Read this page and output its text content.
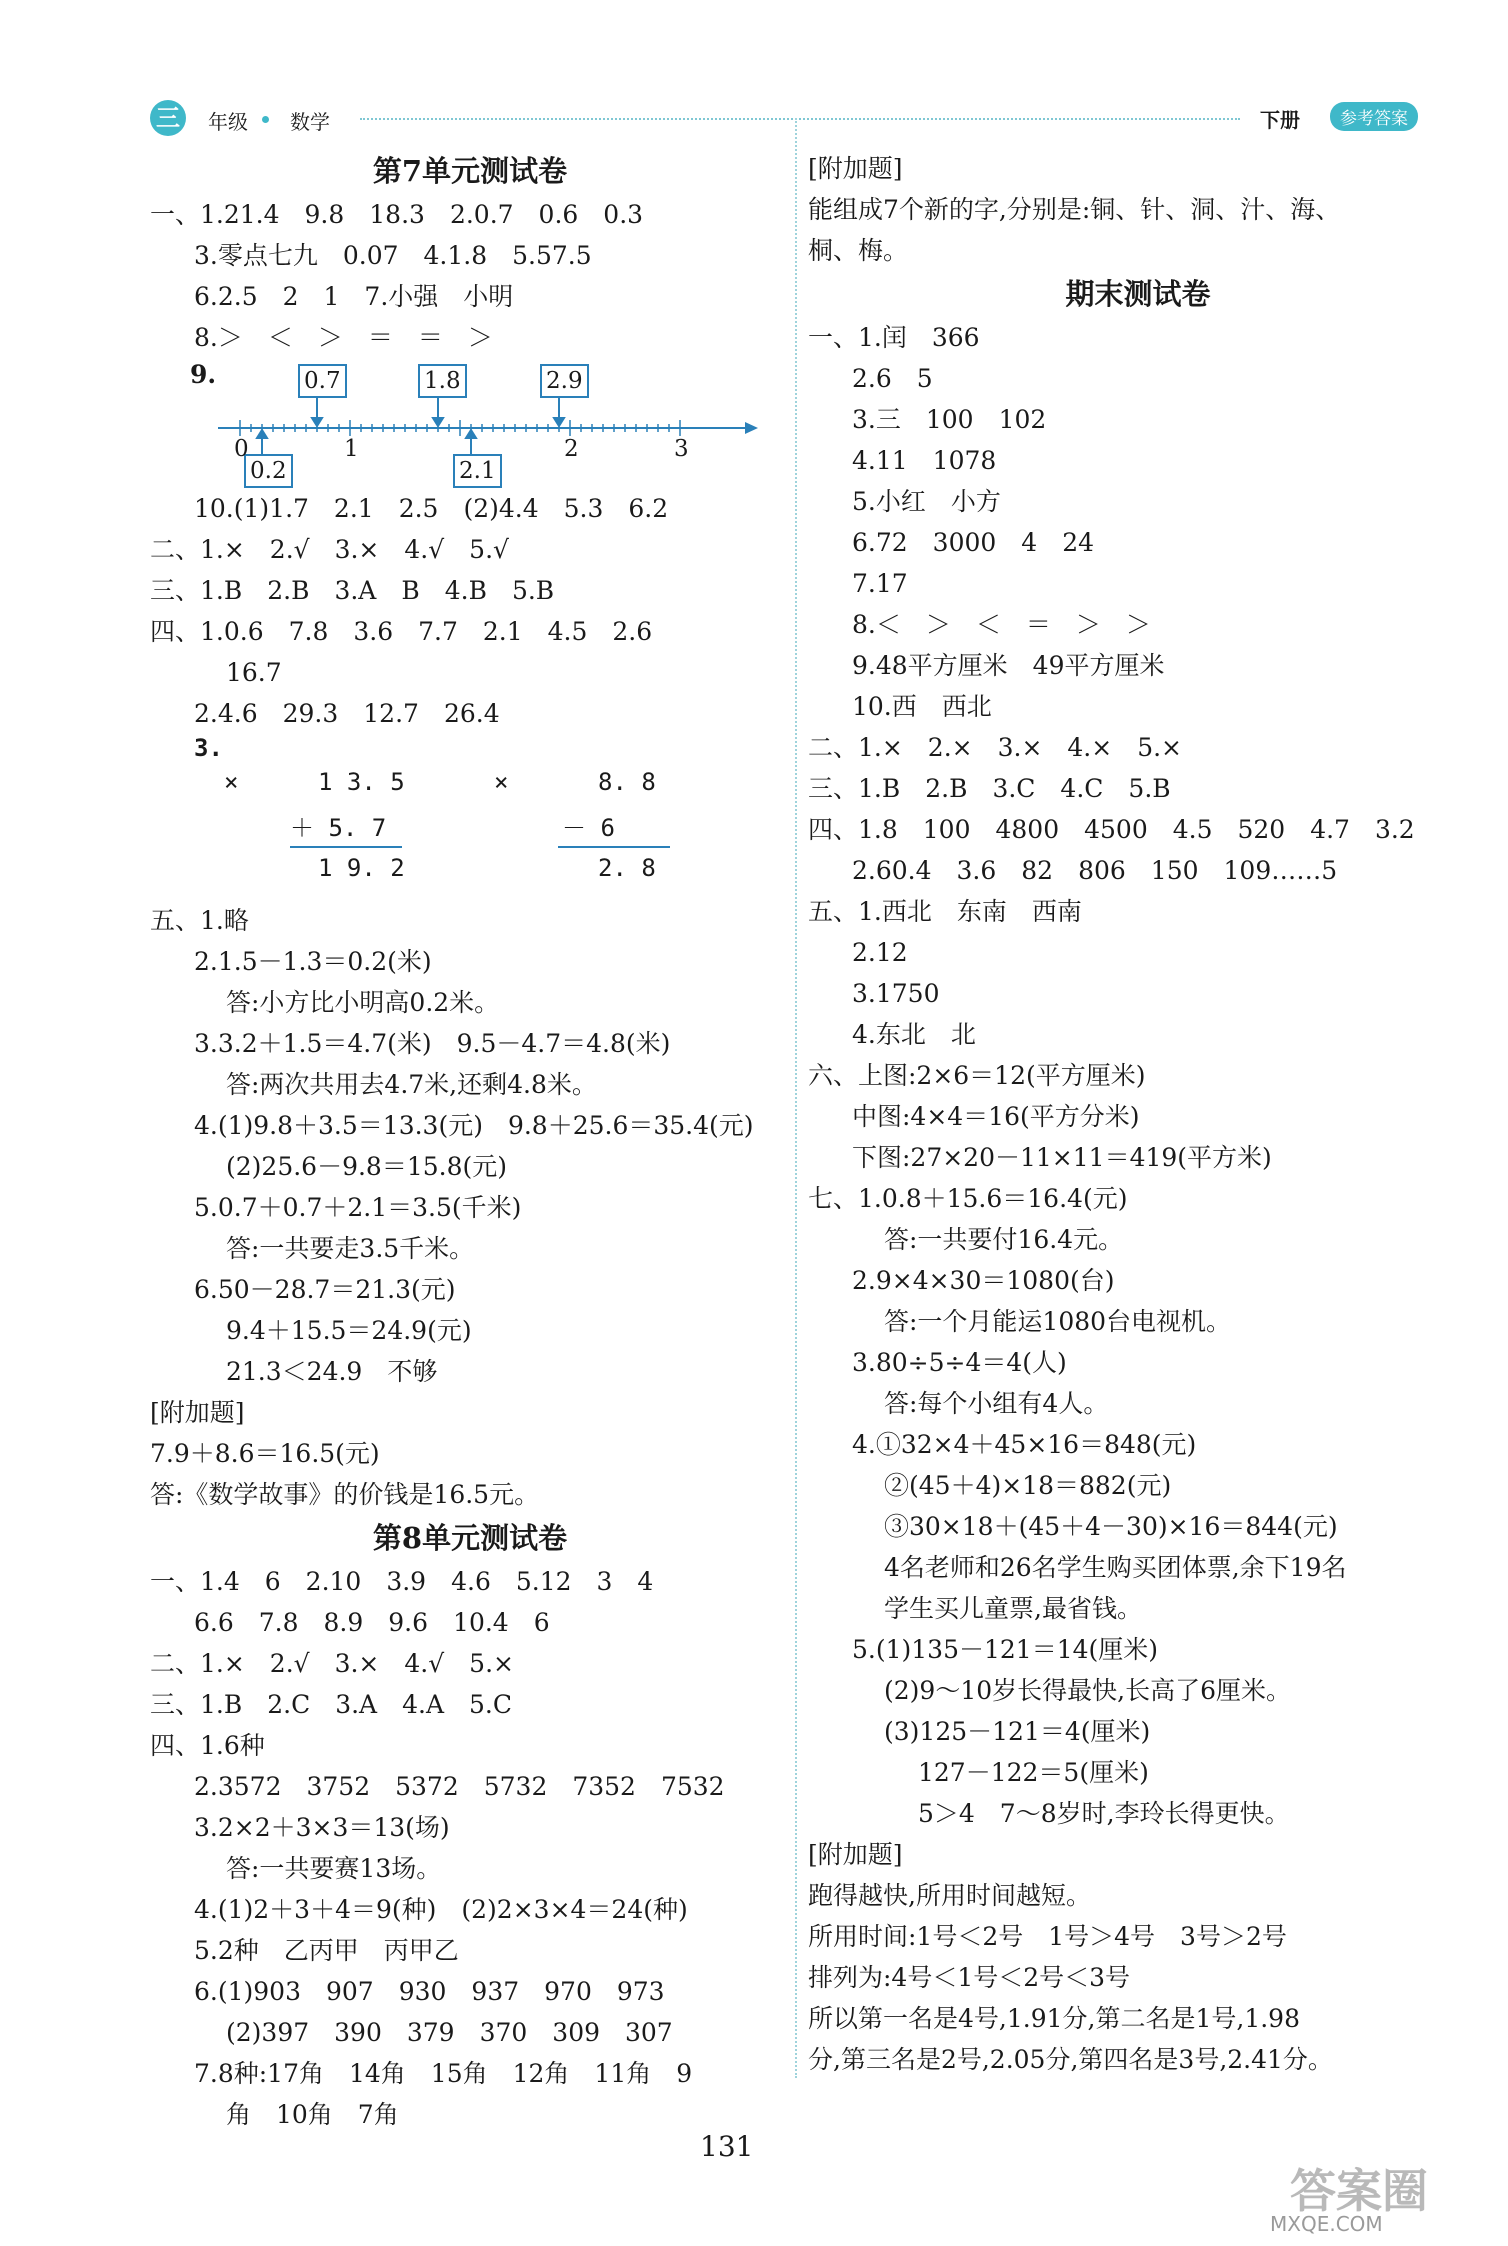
三	年级 数学	下册	参考答案
第7单元测试卷
一、1.21.4　9.8　18.3　2.0.7　0.6　0.3
3.零点七九　0.07　4.1.8　5.57.5
6.2.5　2　1　7.小强　小明
8.＞　＜　＞　＝　＝　＞
9.	0.7	1.8	2.9
0.2	2.1
0	1	2	3
10.(1)1.7　2.1　2.5　(2)4.4　5.3　6.2
二、1.×　2.√　3.×　4.√　5.√
三、1.B　2.B　3.A　B　4.B　5.B
四、1.0.6　7.8　3.6　7.7　2.1　4.5　2.6
16.7
2.4.6　29.3　12.7　26.4
3.
×	1 3. 5
＋ 5. 7
1 9. 2
×	8. 8
－ 6
2. 8
五、1.略
2.1.5－1.3＝0.2(米)
答:小方比小明高0.2米。
3.3.2＋1.5＝4.7(米)　9.5－4.7＝4.8(米)
答:两次共用去4.7米,还剩4.8米。
4.(1)9.8＋3.5＝13.3(元)　9.8＋25.6＝35.4(元)
(2)25.6－9.8＝15.8(元)
5.0.7＋0.7＋2.1＝3.5(千米)
答:一共要走3.5千米。
6.50－28.7＝21.3(元)
9.4＋15.5＝24.9(元)
21.3＜24.9　不够
[附加题]
7.9＋8.6＝16.5(元)
答:《数学故事》的价钱是16.5元。
第8单元测试卷
一、1.4　6　2.10　3.9　4.6　5.12　3　4
6.6　7.8　8.9　9.6　10.4　6
二、1.×　2.√　3.×　4.√　5.×
三、1.B　2.C　3.A　4.A　5.C
四、1.6种
2.3572　3752　5372　5732　7352　7532
3.2×2＋3×3＝13(场)
答:一共要赛13场。
4.(1)2＋3＋4＝9(种)　(2)2×3×4＝24(种)
5.2种　乙丙甲　丙甲乙
6.(1)903　907　930　937　970　973
(2)397　390　379　370　309　307
7.8种:17角　14角　15角　12角　11角　9
角　10角　7角
[附加题]
能组成7个新的字,分别是:铜、针、洞、汁、海、
桐、梅。
期末测试卷
一、1.闰　366
2.6　5
3.三　100　102
4.11　1078
5.小红　小方
6.72　3000　4　24
7.17
8.＜　＞　＜　＝　＞　＞
9.48平方厘米　49平方厘米
10.西　西北
二、1.×　2.×　3.×　4.×　5.×
三、1.B　2.B　3.C　4.C　5.B
四、1.8　100　4800　4500　4.5　520　4.7　3.2
2.60.4　3.6　82　806　150　109……5
五、1.西北　东南　西南
2.12
3.1750
4.东北　北
六、上图:2×6＝12(平方厘米)
中图:4×4＝16(平方分米)
下图:27×20－11×11＝419(平方米)
七、1.0.8＋15.6＝16.4(元)
答:一共要付16.4元。
2.9×4×30＝1080(台)
答:一个月能运1080台电视机。
3.80÷5÷4＝4(人)
答:每个小组有4人。
4.①32×4＋45×16＝848(元)
②(45＋4)×18＝882(元)
③30×18＋(45＋4－30)×16＝844(元)
4名老师和26名学生购买团体票,余下19名
学生买儿童票,最省钱。
5.(1)135－121＝14(厘米)
(2)9～10岁长得最快,长高了6厘米。
(3)125－121＝4(厘米)
127－122＝5(厘米)
5＞4　7～8岁时,李玲长得更快。
[附加题]
跑得越快,所用时间越短。
所用时间:1号＜2号　1号＞4号　3号＞2号
排列为:4号＜1号＜2号＜3号
所以第一名是4号,1.91分,第二名是1号,1.98
分,第三名是2号,2.05分,第四名是3号,2.41分。
131
答案圈
MXQE.COM
